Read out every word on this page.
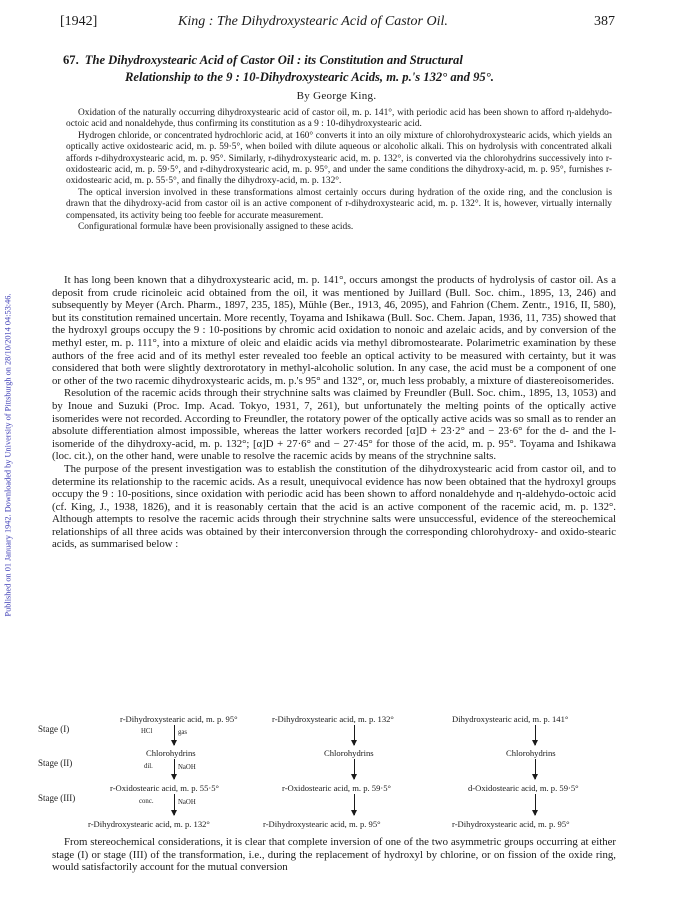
Published on 01 January 1942. Downloaded by University of Pittsburgh on 28/10/2014 04:53:46.
[1942]	King : The Dihydroxystearic Acid of Castor Oil.	387
67. The Dihydroxystearic Acid of Castor Oil : its Constitution and Structural
Relationship to the 9 : 10-Dihydroxystearic Acids, m. p.'s 132° and 95°.
By George King.

Oxidation of the naturally occurring dihydroxystearic acid of castor oil, m. p. 141°, with periodic acid has been shown to afford η-aldehydo-octoic acid and nonaldehyde, thus confirming its constitution as a 9 : 10-dihydroxystearic acid.

Hydrogen chloride, or concentrated hydrochloric acid, at 160° converts it into an oily mixture of chlorohydroxystearic acids, which yields an optically active oxidostearic acid, m. p. 59·5°, when boiled with dilute aqueous or alcoholic alkali. This on hydrolysis with concentrated alkali affords r-dihydroxystearic acid, m. p. 95°. Similarly, r-dihydroxystearic acid, m. p. 132°, is converted via the chlorohydrins successively into r-oxidostearic acid, m. p. 59·5°, and r-dihydroxystearic acid, m. p. 95°, and under the same conditions the dihydroxy-acid, m. p. 95°, furnishes r-oxidostearic acid, m. p. 55·5°, and finally the dihydroxy-acid, m. p. 132°.

The optical inversion involved in these transformations almost certainly occurs during hydration of the oxide ring, and the conclusion is drawn that the dihydroxy-acid from castor oil is an active component of r-dihydroxystearic acid, m. p. 132°. It is, however, virtually internally compensated, its activity being too feeble for accurate measurement.

Configurational formulæ have been provisionally assigned to these acids.

It has long been known that a dihydroxystearic acid, m. p. 141°, occurs amongst the products of hydrolysis of castor oil. As a deposit from crude ricinoleic acid obtained from the oil, it was mentioned by Juillard (Bull. Soc. chim., 1895, 13, 246) and subsequently by Meyer (Arch. Pharm., 1897, 235, 185), Mühle (Ber., 1913, 46, 2095), and Fahrion (Chem. Zentr., 1916, II, 580), but its constitution remained uncertain. More recently, Toyama and Ishikawa (Bull. Soc. Chem. Japan, 1936, 11, 735) showed that the hydroxyl groups occupy the 9 : 10-positions by chromic acid oxidation to nonoic and azelaic acids, and by conversion of the methyl ester, m. p. 111°, into a mixture of oleic and elaidic acids via methyl dibromostearate. Polarimetric examination by these authors of the free acid and of its methyl ester revealed too feeble an optical activity to be measured with certainty, but it was considered that both were slightly dextrorotatory in methyl-alcoholic solution. In any case, the acid must be a component of one or other of the two racemic dihydroxystearic acids, m. p.'s 95° and 132°, or, much less probably, a mixture of diastereoisomerides.

Resolution of the racemic acids through their strychnine salts was claimed by Freundler (Bull. Soc. chim., 1895, 13, 1053) and by Inoue and Suzuki (Proc. Imp. Acad. Tokyo, 1931, 7, 261), but unfortunately the melting points of the optically active isomerides were not recorded. According to Freundler, the rotatory power of the optically active acids was so small as to render an absolute differentiation almost impossible, whereas the latter workers recorded [α]D + 23·2° and − 23·6° for the d- and the l-isomeride of the dihydroxy-acid, m. p. 132°; [α]D + 27·6° and − 27·45° for those of the acid, m. p. 95°. Toyama and Ishikawa (loc. cit.), on the other hand, were unable to resolve the racemic acids by means of the strychnine salts.

The purpose of the present investigation was to establish the constitution of the dihydroxystearic acid from castor oil, and to determine its relationship to the racemic acids. As a result, unequivocal evidence has now been obtained that the hydroxyl groups occupy the 9 : 10-positions, since oxidation with periodic acid has been shown to afford nonaldehyde and η-aldehydo-octoic acid (cf. King, J., 1938, 1826), and it is reasonably certain that the acid is an active component of the racemic acid, m. p. 132°. Although attempts to resolve the racemic acids through their strychnine salts were unsuccessful, evidence of the stereochemical relationships of all three acids was obtained by their interconversion through the corresponding chlorohydroxy- and oxido-stearic acids, as summarised below :

Stage (I)
Stage (II)
Stage (III)
r-Dihydroxystearic acid, m. p. 95°
Chlorohydrins
r-Oxidostearic acid, m. p. 55·5°
r-Dihydroxystearic acid, m. p. 132°
HCl	gas
dil.	NaOH
conc.	NaOH
r-Dihydroxystearic acid, m. p. 132°
Chlorohydrins
r-Oxidostearic acid, m. p. 59·5°
r-Dihydroxystearic acid, m. p. 95°
Dihydroxystearic acid, m. p. 141°
Chlorohydrins
d-Oxidostearic acid, m. p. 59·5°
r-Dihydroxystearic acid, m. p. 95°

From stereochemical considerations, it is clear that complete inversion of one of the two asymmetric groups occurring at either stage (I) or stage (III) of the transformation, i.e., during the replacement of hydroxyl by chlorine, or on fission of the oxide ring, would satisfactorily account for the mutual conversion
